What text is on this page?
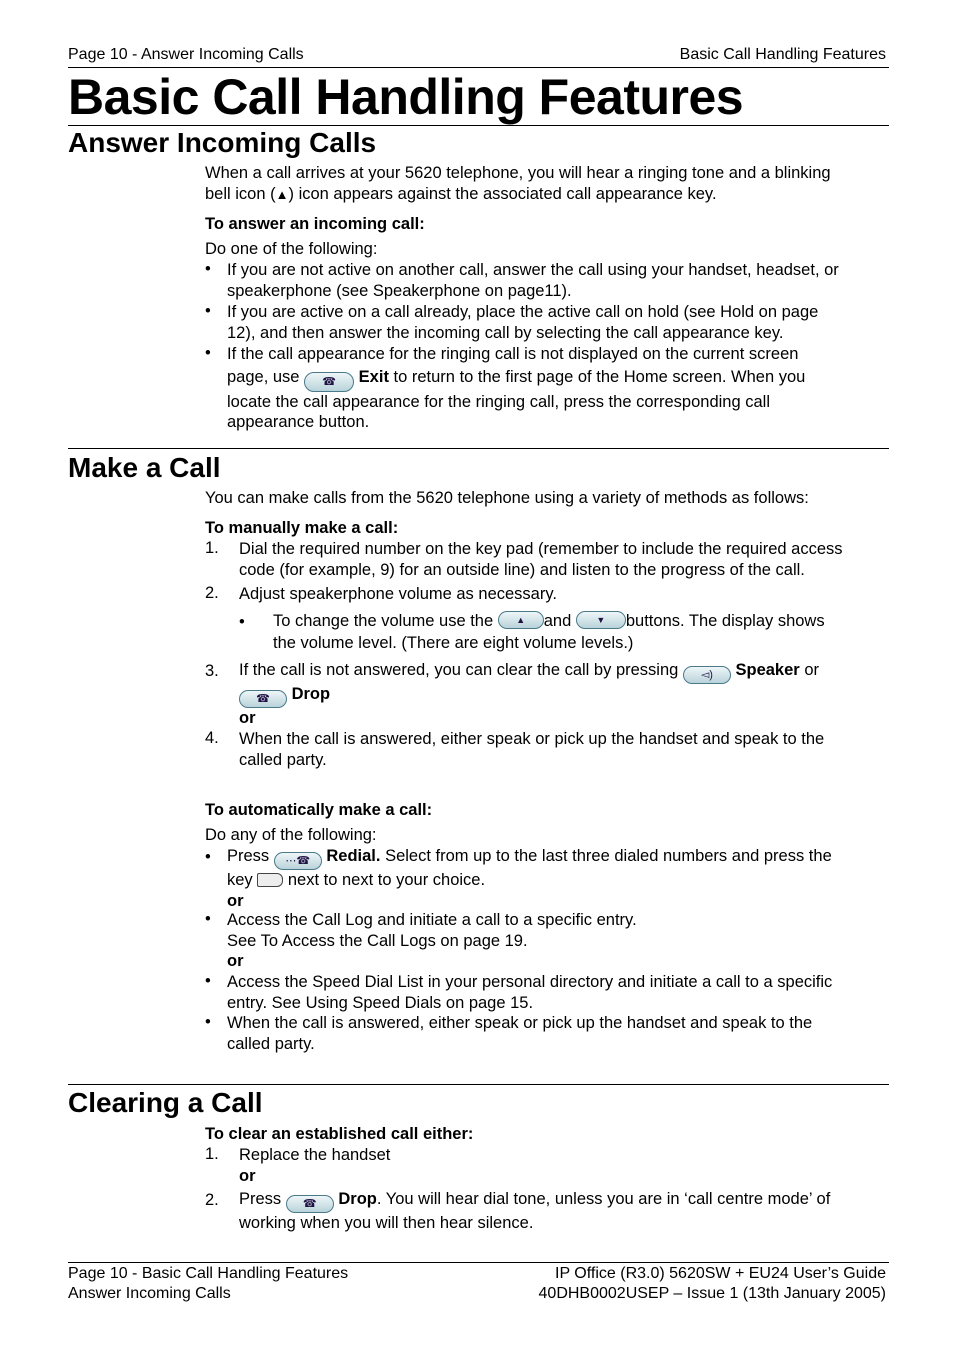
Page 10 - Answer Incoming Calls	Basic Call Handling Features
Basic Call Handling Features
Answer Incoming Calls
When a call arrives at your 5620 telephone, you will hear a ringing tone and a blinking
bell icon (▲) icon appears against the associated call appearance key.
To answer an incoming call:
Do one of the following:
• If you are not active on another call, answer the call using your handset, headset, or
speakerphone (see Speakerphone on page11).
• If you are active on a call already, place the active call on hold (see Hold on page
12), and then answer the incoming call by selecting the call appearance key.
• If the call appearance for the ringing call is not displayed on the current screen
page, use ☎ Exit to return to the first page of the Home screen. When you
locate the call appearance for the ringing call, press the corresponding call
appearance button.
Make a Call
You can make calls from the 5620 telephone using a variety of methods as follows:
To manually make a call:
1. Dial the required number on the key pad (remember to include the required access
code (for example, 9) for an outside line) and listen to the progress of the call.
2. Adjust speakerphone volume as necessary.
• To change the volume use the	▲ and	▼ buttons. The display shows
the volume level. (There are eight volume levels.)
3. If the call is not answered, you can clear the call by pressing ◅) Speaker or
☎ Drop
or
4. When the call is answered, either speak or pick up the handset and speak to the
called party.
To automatically make a call:
Do any of the following:
• Press ⋯☎ Redial. Select from up to the last three dialed numbers and press the
key next to next to your choice.
or
• Access the Call Log and initiate a call to a specific entry.
See To Access the Call Logs on page 19.
or
• Access the Speed Dial List in your personal directory and initiate a call to a specific
entry. See Using Speed Dials on page 15.
• When the call is answered, either speak or pick up the handset and speak to the
called party.
Clearing a Call
To clear an established call either:
1. Replace the handset
or
2. Press ☎ Drop. You will hear dial tone, unless you are in ‘call centre mode’ of
working when you will then hear silence.
Page 10 - Basic Call Handling Features
Answer Incoming Calls
IP Office (R3.0) 5620SW + EU24 User’s Guide
40DHB0002USEP – Issue 1 (13th January 2005)
